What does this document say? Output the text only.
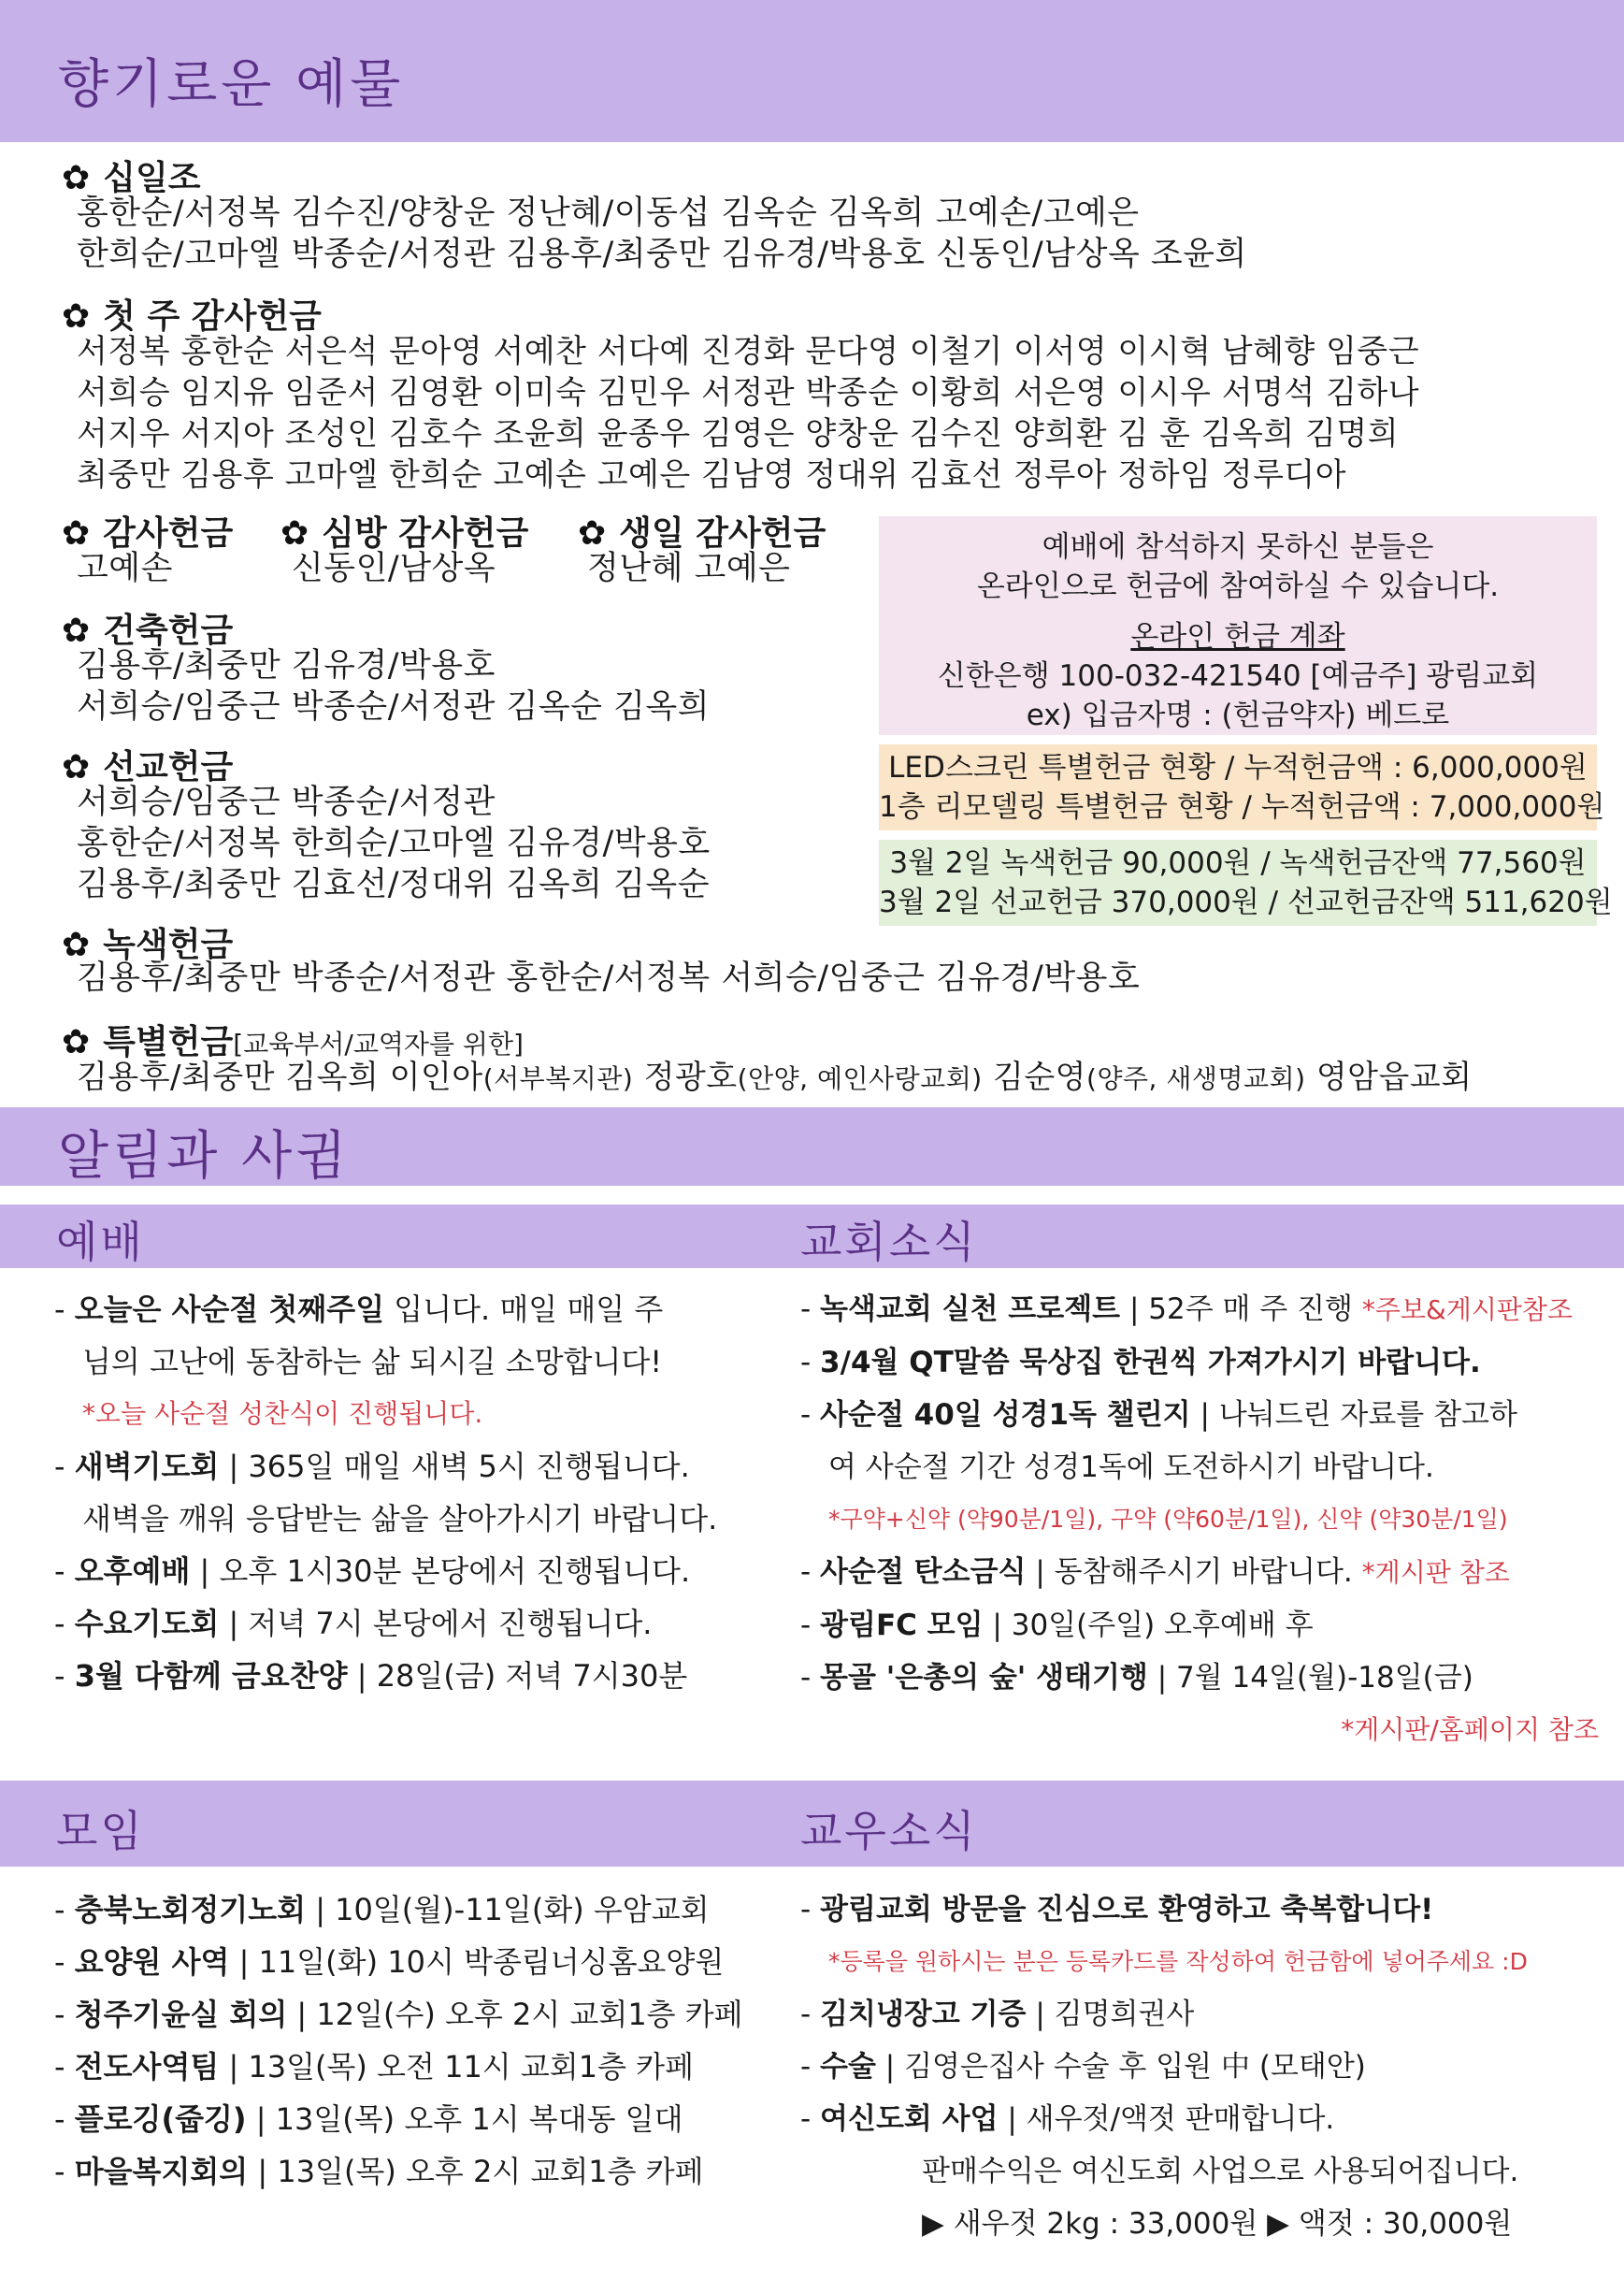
향기로운 예물
✿ 십일조
홍한순/서정복 김수진/양창운 정난혜/이동섭 김옥순 김옥희 고예손/고예은
한희순/고마엘 박종순/서정관 김용후/최중만 김유경/박용호 신동인/남상옥 조윤희
✿ 첫 주 감사헌금
서정복 홍한순 서은석 문아영 서예찬 서다예 진경화 문다영 이철기 이서영 이시혁 남혜향 임중근
서희승 임지유 임준서 김영환 이미숙 김민우 서정관 박종순 이황희 서은영 이시우 서명석 김하나
서지우 서지아 조성인 김호수 조윤희 윤종우 김영은 양창운 김수진 양희환 김 훈 김옥희 김명희
최중만 김용후 고마엘 한희순 고예손 고예은 김남영 정대위 김효선 정루아 정하임 정루디아
✿ 감사헌금
고예손
✿ 심방 감사헌금
신동인/남상옥
✿ 생일 감사헌금
정난혜 고예은
✿ 건축헌금
김용후/최중만 김유경/박용호
서희승/임중근 박종순/서정관 김옥순 김옥희
✿ 선교헌금
서희승/임중근 박종순/서정관
홍한순/서정복 한희순/고마엘 김유경/박용호
김용후/최중만 김효선/정대위 김옥희 김옥순
✿ 녹색헌금
김용후/최중만 박종순/서정관 홍한순/서정복 서희승/임중근 김유경/박용호
✿ 특별헌금[교육부서/교역자를 위한]
김용후/최중만 김옥희 이인아(서부복지관) 정광호(안양, 예인사랑교회) 김순영(양주, 새생명교회) 영암읍교회
예배에 참석하지 못하신 분들은
온라인으로 헌금에 참여하실 수 있습니다.
온라인 헌금 계좌
신한은행 100-032-421540 [예금주] 광림교회
ex) 입금자명 : (헌금약자) 베드로
LED스크린 특별헌금 현황 / 누적헌금액 : 6,000,000원
1층 리모델링 특별헌금 현황 / 누적헌금액 : 7,000,000원
3월 2일 녹색헌금 90,000원 / 녹색헌금잔액 77,560원
3월 2일 선교헌금 370,000원 / 선교헌금잔액 511,620원
알림과 사귐
예배	교회소식
- 오늘은 사순절 첫째주일 입니다. 매일 매일 주
님의 고난에 동참하는 삶 되시길 소망합니다!
*오늘 사순절 성찬식이 진행됩니다.
- 새벽기도회 | 365일 매일 새벽 5시 진행됩니다.
새벽을 깨워 응답받는 삶을 살아가시기 바랍니다.
- 오후예배 | 오후 1시30분 본당에서 진행됩니다.
- 수요기도회 | 저녁 7시 본당에서 진행됩니다.
- 3월 다함께 금요찬양 | 28일(금) 저녁 7시30분
- 녹색교회 실천 프로젝트 | 52주 매 주 진행 *주보&게시판참조
- 3/4월 QT말씀 묵상집 한권씩 가져가시기 바랍니다.
- 사순절 40일 성경1독 챌린지 | 나눠드린 자료를 참고하
여 사순절 기간 성경1독에 도전하시기 바랍니다.
*구약+신약 (약90분/1일), 구약 (약60분/1일), 신약 (약30분/1일)
- 사순절 탄소금식 | 동참해주시기 바랍니다. *게시판 참조
- 광림FC 모임 | 30일(주일) 오후예배 후
- 몽골 '은총의 숲' 생태기행 | 7월 14일(월)-18일(금)
*게시판/홈페이지 참조
모임	교우소식
- 충북노회정기노회 | 10일(월)-11일(화) 우암교회
- 요양원 사역 | 11일(화) 10시 박종림너싱홈요양원
- 청주기윤실 회의 | 12일(수) 오후 2시 교회1층 카페
- 전도사역팀 | 13일(목) 오전 11시 교회1층 카페
- 플로깅(줍깅) | 13일(목) 오후 1시 복대동 일대
- 마을복지회의 | 13일(목) 오후 2시 교회1층 카페
- 광림교회 방문을 진심으로 환영하고 축복합니다!
*등록을 원하시는 분은 등록카드를 작성하여 헌금함에 넣어주세요 :D
- 김치냉장고 기증 | 김명희권사
- 수술 | 김영은집사 수술 후 입원 中 (모태안)
- 여신도회 사업 | 새우젓/액젓 판매합니다.
판매수익은 여신도회 사업으로 사용되어집니다.
▶ 새우젓 2kg : 33,000원 ▶ 액젓 : 30,000원
